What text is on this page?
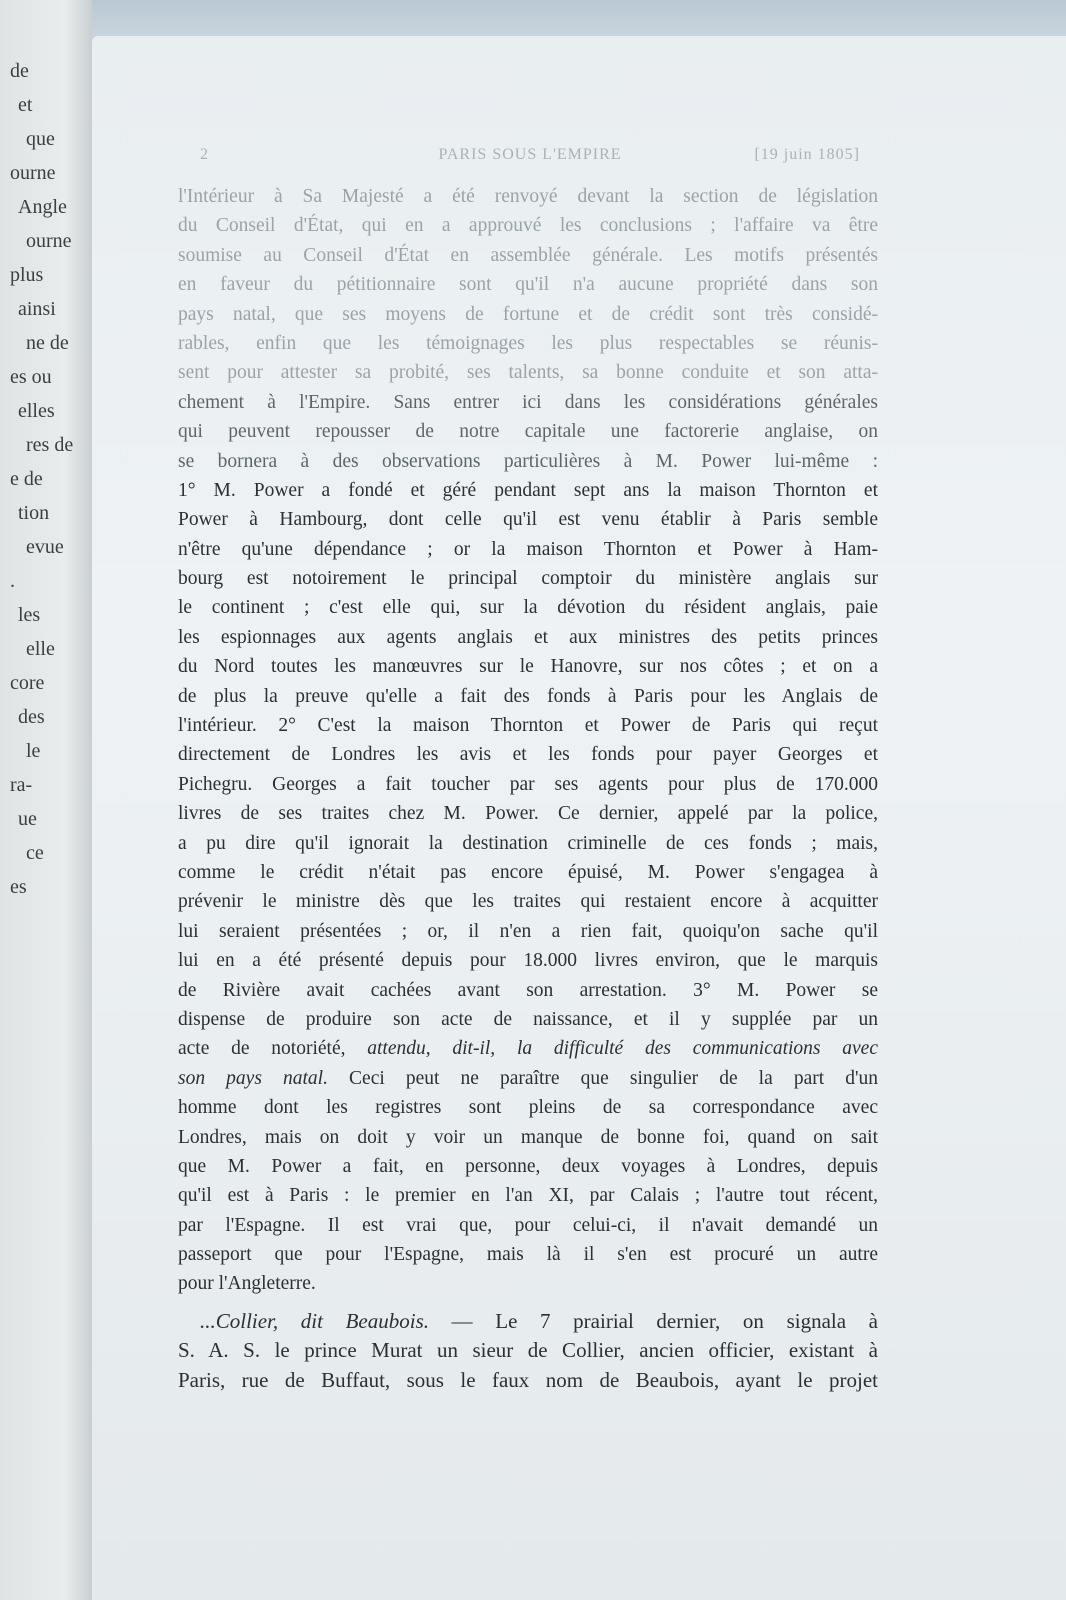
de
et
que
ourne
Angle
ourne
plus
ainsi
ne de
es ou
elles
res de
e de
tion
evue
.
les
elle
core
des
le
ra-
ue
ce
es
2	PARIS SOUS L'EMPIRE	[19 juin 1805]
l'Intérieur à Sa Majesté a été renvoyé devant la section de législation
du Conseil d'État, qui en a approuvé les conclusions ; l'affaire va être
soumise au Conseil d'État en assemblée générale. Les motifs présentés
en faveur du pétitionnaire sont qu'il n'a aucune propriété dans son
pays natal, que ses moyens de fortune et de crédit sont très considé-
rables, enfin que les témoignages les plus respectables se réunis-
sent pour attester sa probité, ses talents, sa bonne conduite et son atta-
chement à l'Empire. Sans entrer ici dans les considérations générales
qui peuvent repousser de notre capitale une factorerie anglaise, on
se bornera à des observations particulières à M. Power lui-même :
1° M. Power a fondé et géré pendant sept ans la maison Thornton et
Power à Hambourg, dont celle qu'il est venu établir à Paris semble
n'être qu'une dépendance ; or la maison Thornton et Power à Ham-
bourg est notoirement le principal comptoir du ministère anglais sur
le continent ; c'est elle qui, sur la dévotion du résident anglais, paie
les espionnages aux agents anglais et aux ministres des petits princes
du Nord toutes les manœuvres sur le Hanovre, sur nos côtes ; et on a
de plus la preuve qu'elle a fait des fonds à Paris pour les Anglais de
l'intérieur. 2° C'est la maison Thornton et Power de Paris qui reçut
directement de Londres les avis et les fonds pour payer Georges et
Pichegru. Georges a fait toucher par ses agents pour plus de 170.000
livres de ses traites chez M. Power. Ce dernier, appelé par la police,
a pu dire qu'il ignorait la destination criminelle de ces fonds ; mais,
comme le crédit n'était pas encore épuisé, M. Power s'engagea à
prévenir le ministre dès que les traites qui restaient encore à acquitter
lui seraient présentées ; or, il n'en a rien fait, quoiqu'on sache qu'il
lui en a été présenté depuis pour 18.000 livres environ, que le marquis
de Rivière avait cachées avant son arrestation. 3° M. Power se
dispense de produire son acte de naissance, et il y supplée par un
acte de notoriété, attendu, dit-il, la difficulté des communications avec
son pays natal. Ceci peut ne paraître que singulier de la part d'un
homme dont les registres sont pleins de sa correspondance avec
Londres, mais on doit y voir un manque de bonne foi, quand on sait
que M. Power a fait, en personne, deux voyages à Londres, depuis
qu'il est à Paris : le premier en l'an XI, par Calais ; l'autre tout récent,
par l'Espagne. Il est vrai que, pour celui-ci, il n'avait demandé un
passeport que pour l'Espagne, mais là il s'en est procuré un autre
pour l'Angleterre.
...Collier, dit Beaubois. — Le 7 prairial dernier, on signala à
S. A. S. le prince Murat un sieur de Collier, ancien officier, existant à
Paris, rue de Buffaut, sous le faux nom de Beaubois, ayant le projet
